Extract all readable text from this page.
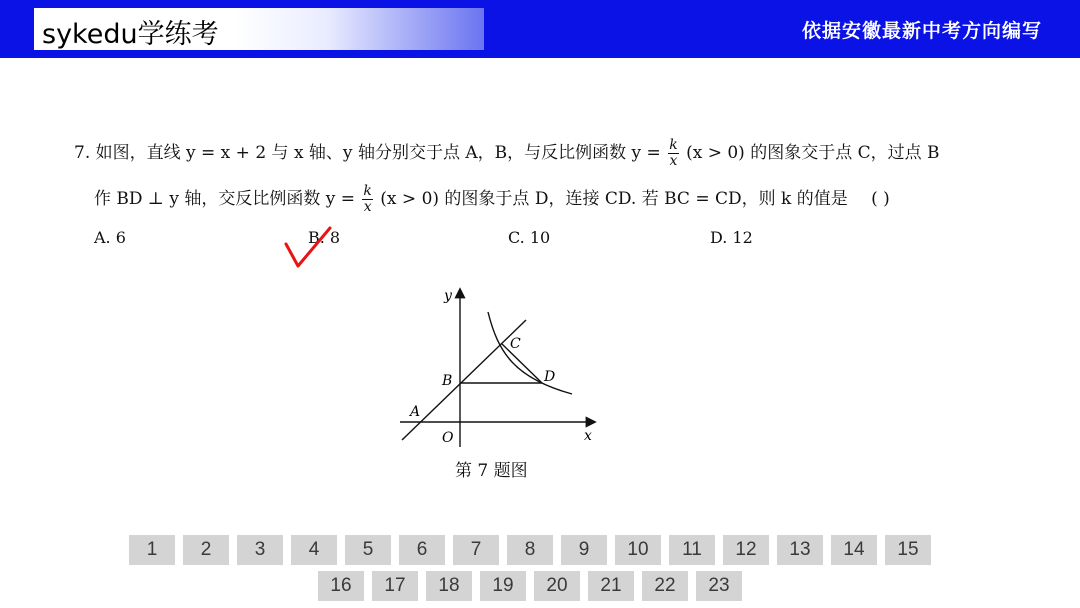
sykedu学练考	依据安徽最新中考方向编写
7. 如图，直线 y = x + 2 与 x 轴、y 轴分别交于点 A，B，与反比例函数 $y = \frac{k}{x} (x > 0)$ 的图象交于点 C，过点 B
作 BD ⊥ y 轴，交反比例函数 $y = \frac{k}{x} (x > 0)$ 的图象于点 D，连接 CD. 若 BC = CD，则 k 的值是 ( )
A. 6	B. 8	C. 10	D. 12
y
x
O
A
B
C
D
第 7 题图
1	2	3	4	5	6	7	8	9	10	11	12	13	14	15
16	17	18	19	20	21	22	23
